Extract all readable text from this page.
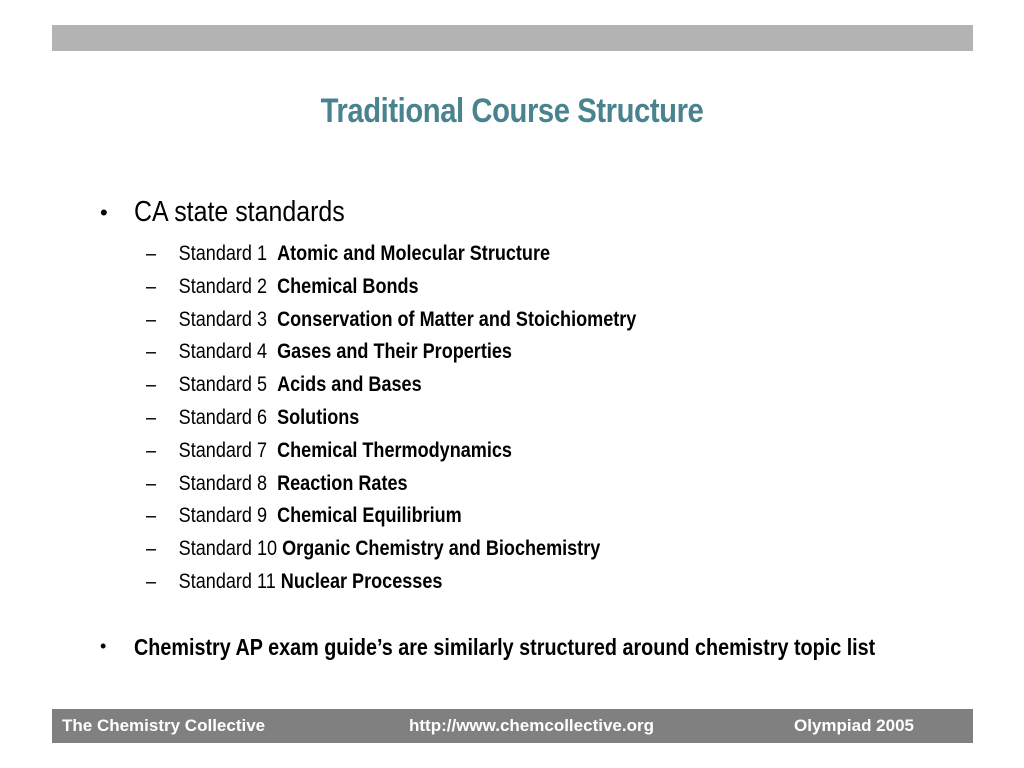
Traditional Course Structure
• CA state standards
– Standard 1 Atomic and Molecular Structure
– Standard 2 Chemical Bonds
– Standard 3 Conservation of Matter and Stoichiometry
– Standard 4 Gases and Their Properties
– Standard 5 Acids and Bases
– Standard 6 Solutions
– Standard 7 Chemical Thermodynamics
– Standard 8 Reaction Rates
– Standard 9 Chemical Equilibrium
– Standard 10 Organic Chemistry and Biochemistry
– Standard 11 Nuclear Processes
• Chemistry AP exam guide’s are similarly structured around chemistry topic list
The Chemistry Collective	http://www.chemcollective.org	Olympiad 2005
